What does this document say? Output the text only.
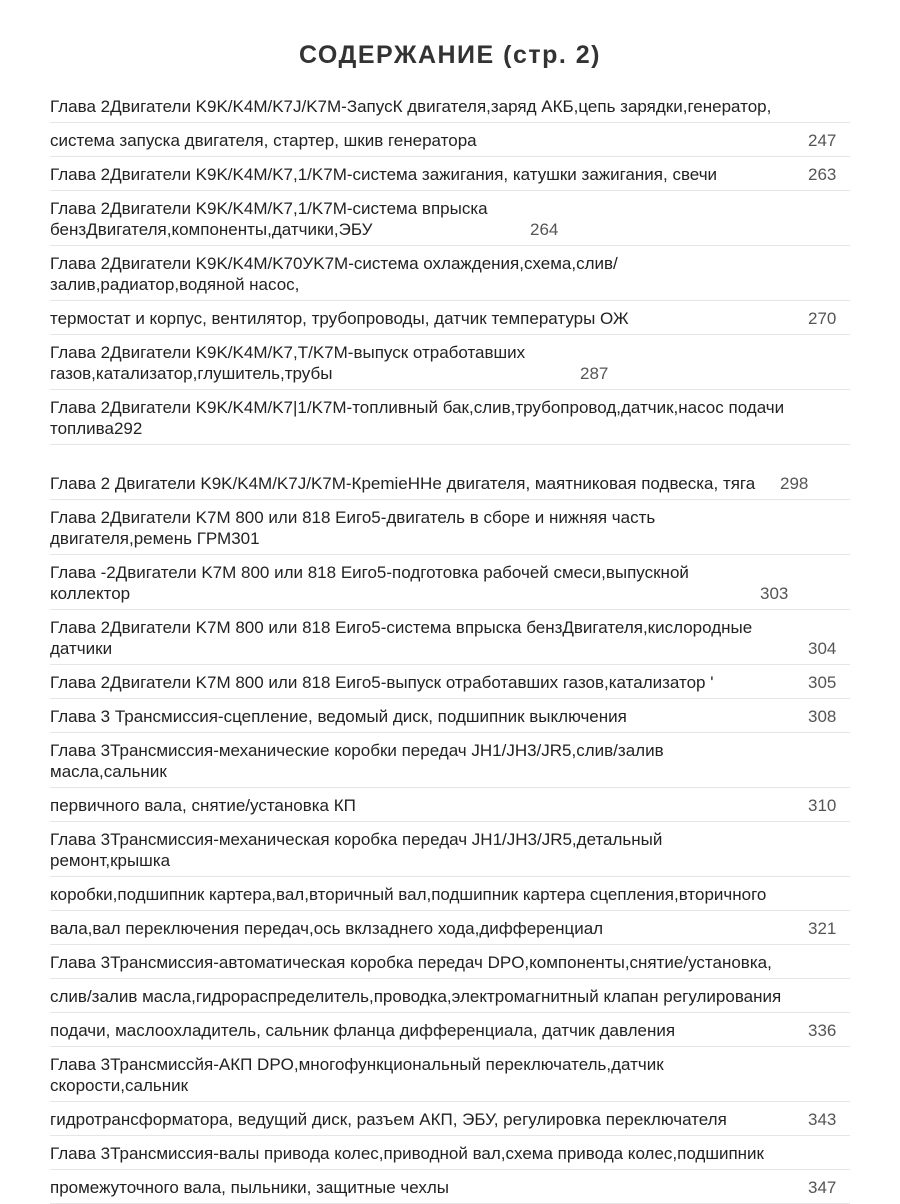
СОДЕРЖАНИЕ (стр. 2)
Глава 2Двигатели K9K/K4M/K7J/K7M-ЗапусК двигателя,заряд АКБ,цепь зарядки,генератор,
система запуска двигателя, стартер, шкив генератора	247
Глава 2Двигатели K9K/K4M/K7,1/K7M-система зажигания, катушки зажигания, свечи	263
Глава 2Двигатели K9K/K4M/K7,1/K7M-система впрыска бензДвигателя,компоненты,датчики,ЭБУ	264
Глава 2Двигатели K9K/K4M/K70УK7M-система охлаждения,схема,слив/залив,радиатор,водяной насос,
термостат и корпус, вентилятор, трубопроводы, датчик температуры ОЖ	270
Глава 2Двигатели K9K/K4M/K7,T/K7M-выпуск отработавших газов,катализатор,глушитель,трубы	287
Глава 2Двигатели K9K/K4M/K7|1/K7M-топливный бак,слив,трубопровод,датчик,насос подачи топлива292
Глава 2 Двигатели K9K/K4M/K7J/K7M-КpemieHHe двигателя, маятниковая подвеска, тяга	298
Глава 2Двигатели K7M 800 или 818 Еиго5-двигатель в сборе и нижняя часть двигателя,ремень ГРМ301
Глава -2Двигатели K7M 800 или 818 Еиго5-подготовка рабочей смеси,выпускной коллектор	303
Глава 2Двигатели K7M 800 или 818 Еиго5-система впрыска бензДвигателя,кислородные датчики	304
Глава 2Двигатели K7M 800 или 818 Еиго5-выпуск отработавших газов,катализатор '	305
Глава 3 Трансмиссия-сцепление, ведомый диск, подшипник выключения	308
Глава 3Трансмиссия-механические коробки передач JH1/JH3/JR5,слив/залив масла,сальник
первичного вала, снятие/установка КП	310
Глава 3Трансмиссия-механическая коробка передач JH1/JH3/JR5,детальный ремонт,крышка
коробки,подшипник картера,вал,вторичный вал,подшипник картера сцепления,вторичного
вала,вал переключения передач,ось вклзаднего хода,дифференциал	321
Глава 3Трансмиссия-автоматическая коробка передач DPO,компоненты,снятие/установка,
слив/залив масла,гидрораспределитель,проводка,электромагнитный клапан регулирования
подачи, маслоохладитель, сальник фланца дифференциала, датчик давления	336
Глава 3Трансмиссйя-АКП DPO,многофункциональный переключатель,датчик скорости,сальник
гидротрансформатора, ведущий диск, разъем АКП, ЭБУ, регулировка переключателя	343
Глава 3Трансмиссия-валы привода колес,приводной вал,схема привода колес,подшипник
промежуточного вала, пыльники, защитные чехлы	347
